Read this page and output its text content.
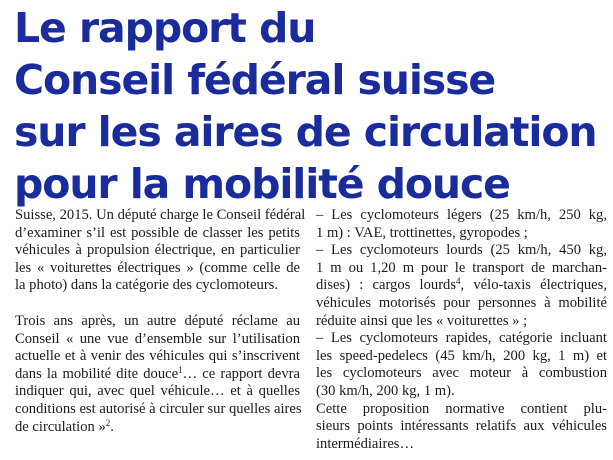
Le rapport du
Conseil fédéral suisse
sur les aires de circulation
pour la mobilité douce

Suisse, 2015. Un député charge le Conseil fédéral
d’examiner s’il est possible de classer les petits
véhicules à propulsion électrique, en particulier
les « voiturettes électriques » (comme celle de
la photo) dans la catégorie des cyclomoteurs.

Trois ans après, un autre député réclame au
Conseil « une vue d’ensemble sur l’utilisation
actuelle et à venir des véhicules qui s’inscrivent
dans la mobilité dite douce$^1$… ce rapport devra
indiquer qui, avec quel véhicule… et à quelles
conditions est autorisé à circuler sur quelles aires
de circulation »$^2$.

– Les cyclomoteurs légers (25 km/h, 250 kg,
1 m) : VAE, trottinettes, gyropodes ;
– Les cyclomoteurs lourds (25 km/h, 450 kg,
1 m ou 1,20 m pour le transport de marchan-
dises) : cargos lourds$^4$, vélo-taxis électriques,
véhicules motorisés pour personnes à mobilité
réduite ainsi que les « voiturettes » ;
– Les cyclomoteurs rapides, catégorie incluant
les speed-pedelecs (45 km/h, 200 kg, 1 m) et
les cyclomoteurs avec moteur à combustion
(30 km/h, 200 kg, 1 m).
Cette proposition normative contient plu-
sieurs points intéressants relatifs aux véhicules
intermédiaires…
